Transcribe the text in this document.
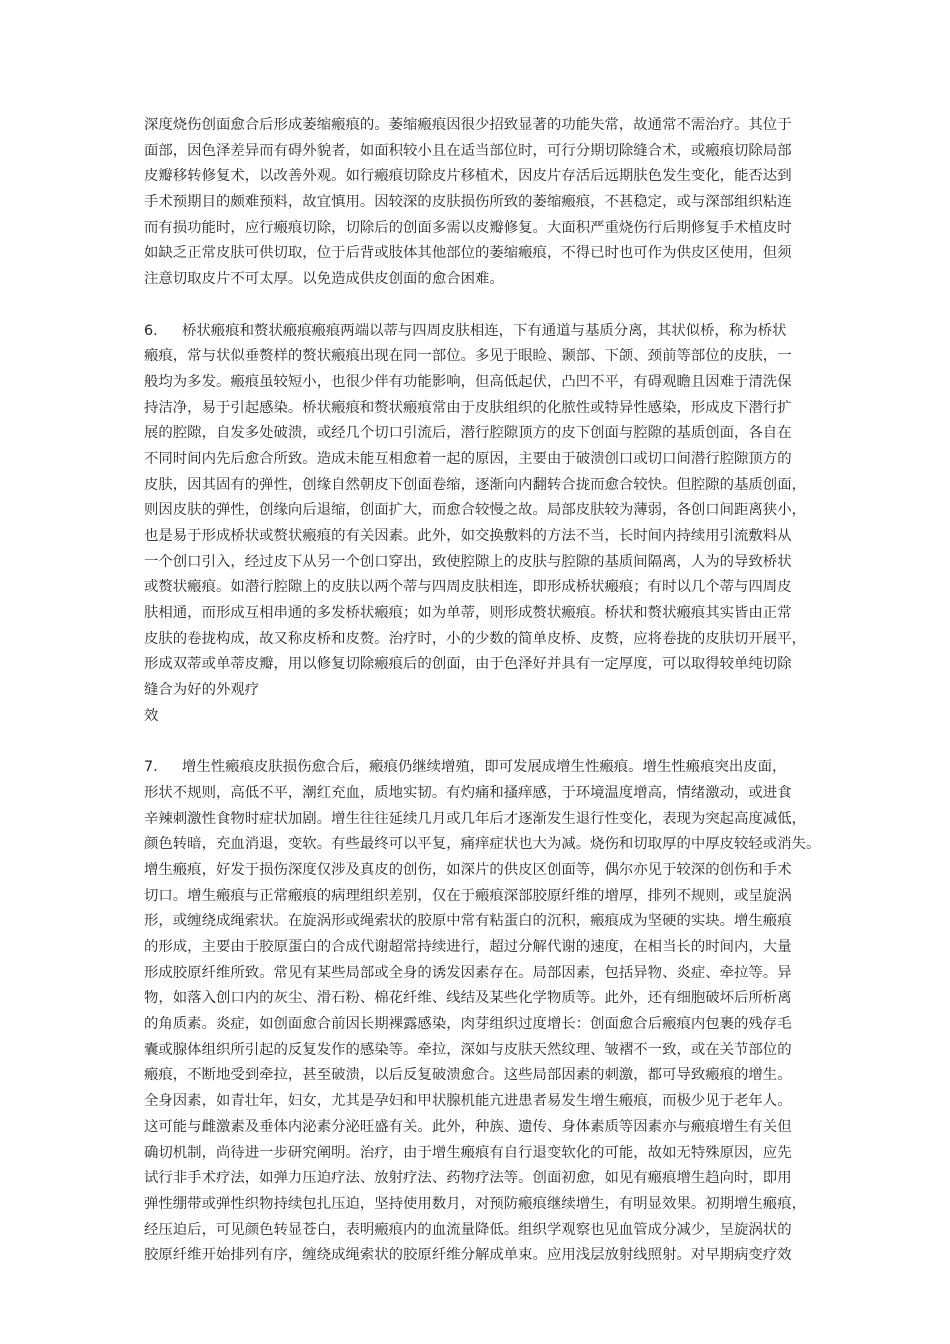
深度烧伤创面愈合后形成萎缩瘢痕的。萎缩瘢痕因很少招致显著的功能失常，故通常不需治疗。其位于
面部，因色泽差异而有碍外貌者，如面积较小且在适当部位时，可行分期切除缝合术，或瘢痕切除局部
皮瓣移转修复术，以改善外观。如行瘢痕切除皮片移植术，因皮片存活后远期肤色发生变化，能否达到
手术预期目的颇难预料，故宜慎用。因较深的皮肤损伤所致的萎缩瘢痕，不甚稳定，或与深部组织粘连
而有损功能时，应行瘢痕切除，切除后的创面多需以皮瓣修复。大面积严重烧伤行后期修复手术植皮时
如缺乏正常皮肤可供切取，位于后背或肢体其他部位的萎缩瘢痕，不得已时也可作为供皮区使用，但须
注意切取皮片不可太厚。以免造成供皮创面的愈合困难。
6. 桥状瘢痕和赘状瘢痕瘢痕两端以蒂与四周皮肤相连，下有通道与基质分离，其状似桥，称为桥状
瘢痕，常与状似垂赘样的赘状瘢痕出现在同一部位。多见于眼睑、颞部、下颌、颈前等部位的皮肤，一
般均为多发。瘢痕虽较短小，也很少伴有功能影响，但高低起伏，凸凹不平，有碍观瞻且因难于清洗保
持洁净，易于引起感染。桥状瘢痕和赘状瘢痕常由于皮肤组织的化脓性或特异性感染，形成皮下潜行扩
展的腔隙，自发多处破溃，或经几个切口引流后，潜行腔隙顶方的皮下创面与腔隙的基质创面，各自在
不同时间内先后愈合所致。造成未能互相愈着一起的原因，主要由于破溃创口或切口间潜行腔隙顶方的
皮肤，因其固有的弹性，创缘自然朝皮下创面卷缩，逐渐向内翻转合拢而愈合较快。但腔隙的基质创面，
则因皮肤的弹性，创缘向后退缩，创面扩大，而愈合较慢之故。局部皮肤较为薄弱，各创口间距离狭小，
也是易于形成桥状或赘状瘢痕的有关因素。此外，如交换敷料的方法不当，长时间内持续用引流敷料从
一个创口引入，经过皮下从另一个创口穿出，致使腔隙上的皮肤与腔隙的基质间隔离，人为的导致桥状
或赘状瘢痕。如潜行腔隙上的皮肤以两个蒂与四周皮肤相连，即形成桥状瘢痕；有时以几个蒂与四周皮
肤相通，而形成互相串通的多发桥状瘢痕；如为单蒂，则形成赘状瘢痕。桥状和赘状瘢痕其实皆由正常
皮肤的卷拢构成，故又称皮桥和皮赘。治疗时，小的少数的简单皮桥、皮赘，应将卷拢的皮肤切开展平，
形成双蒂或单蒂皮瓣，用以修复切除瘢痕后的创面，由于色泽好并具有一定厚度，可以取得较单纯切除
缝合为好的外观疗
效
7. 增生性瘢痕皮肤损伤愈合后，瘢痕仍继续增殖，即可发展成增生性瘢痕。增生性瘢痕突出皮面，
形状不规则，高低不平，潮红充血，质地实韧。有灼痛和搔痒感，于环境温度增高，情绪激动，或进食
辛辣刺激性食物时症状加剧。增生往往延续几月或几年后才逐渐发生退行性变化，表现为突起高度减低，
颜色转暗，充血消退，变软。有些最终可以平复，痛痒症状也大为减。烧伤和切取厚的中厚皮较轻或消失。
增生瘢痕，好发于损伤深度仅涉及真皮的创伤，如深片的供皮区创面等，偶尔亦见于较深的创伤和手术
切口。增生瘢痕与正常瘢痕的病理组织差别，仅在于瘢痕深部胶原纤维的增厚，排列不规则，或呈旋涡
形，或缠绕成绳索状。在旋涡形或绳索状的胶原中常有粘蛋白的沉积，瘢痕成为坚硬的实块。增生瘢痕
的形成，主要由于胶原蛋白的合成代谢超常持续进行，超过分解代谢的速度，在相当长的时间内，大量
形成胶原纤维所致。常见有某些局部或全身的诱发因素存在。局部因素，包括异物、炎症、牵拉等。异
物，如落入创口内的灰尘、滑石粉、棉花纤维、线结及某些化学物质等。此外，还有细胞破坏后所析离
的角质素。炎症，如创面愈合前因长期裸露感染，肉芽组织过度增长：创面愈合后瘢痕内包裹的残存毛
囊或腺体组织所引起的反复发作的感染等。牵拉，深如与皮肤天然纹理、皱褶不一致，或在关节部位的
瘢痕，不断地受到牵拉，甚至破溃，以后反复破溃愈合。这些局部因素的刺激，都可导致瘢痕的增生。
全身因素，如青壮年，妇女，尤其是孕妇和甲状腺机能亢进患者易发生增生瘢痕，而极少见于老年人。
这可能与雌激素及垂体内泌素分泌旺盛有关。此外，种族、遗传、身体素质等因素亦与瘢痕增生有关但
确切机制，尚待进一步研究阐明。治疗，由于增生瘢痕有自行退变软化的可能，故如无特殊原因，应先
试行非手术疗法，如弹力压迫疗法、放射疗法、药物疗法等。创面初愈，如见有瘢痕增生趋向时，即用
弹性绷带或弹性织物持续包扎压迫，坚持使用数月，对预防瘢痕继续增生，有明显效果。初期增生瘢痕，
经压迫后，可见颜色转显苍白，表明瘢痕内的血流量降低。组织学观察也见血管成分减少，呈旋涡状的
胶原纤维开始排列有序，缠绕成绳索状的胶原纤维分解成单束。应用浅层放射线照射。对早期病变疗效
